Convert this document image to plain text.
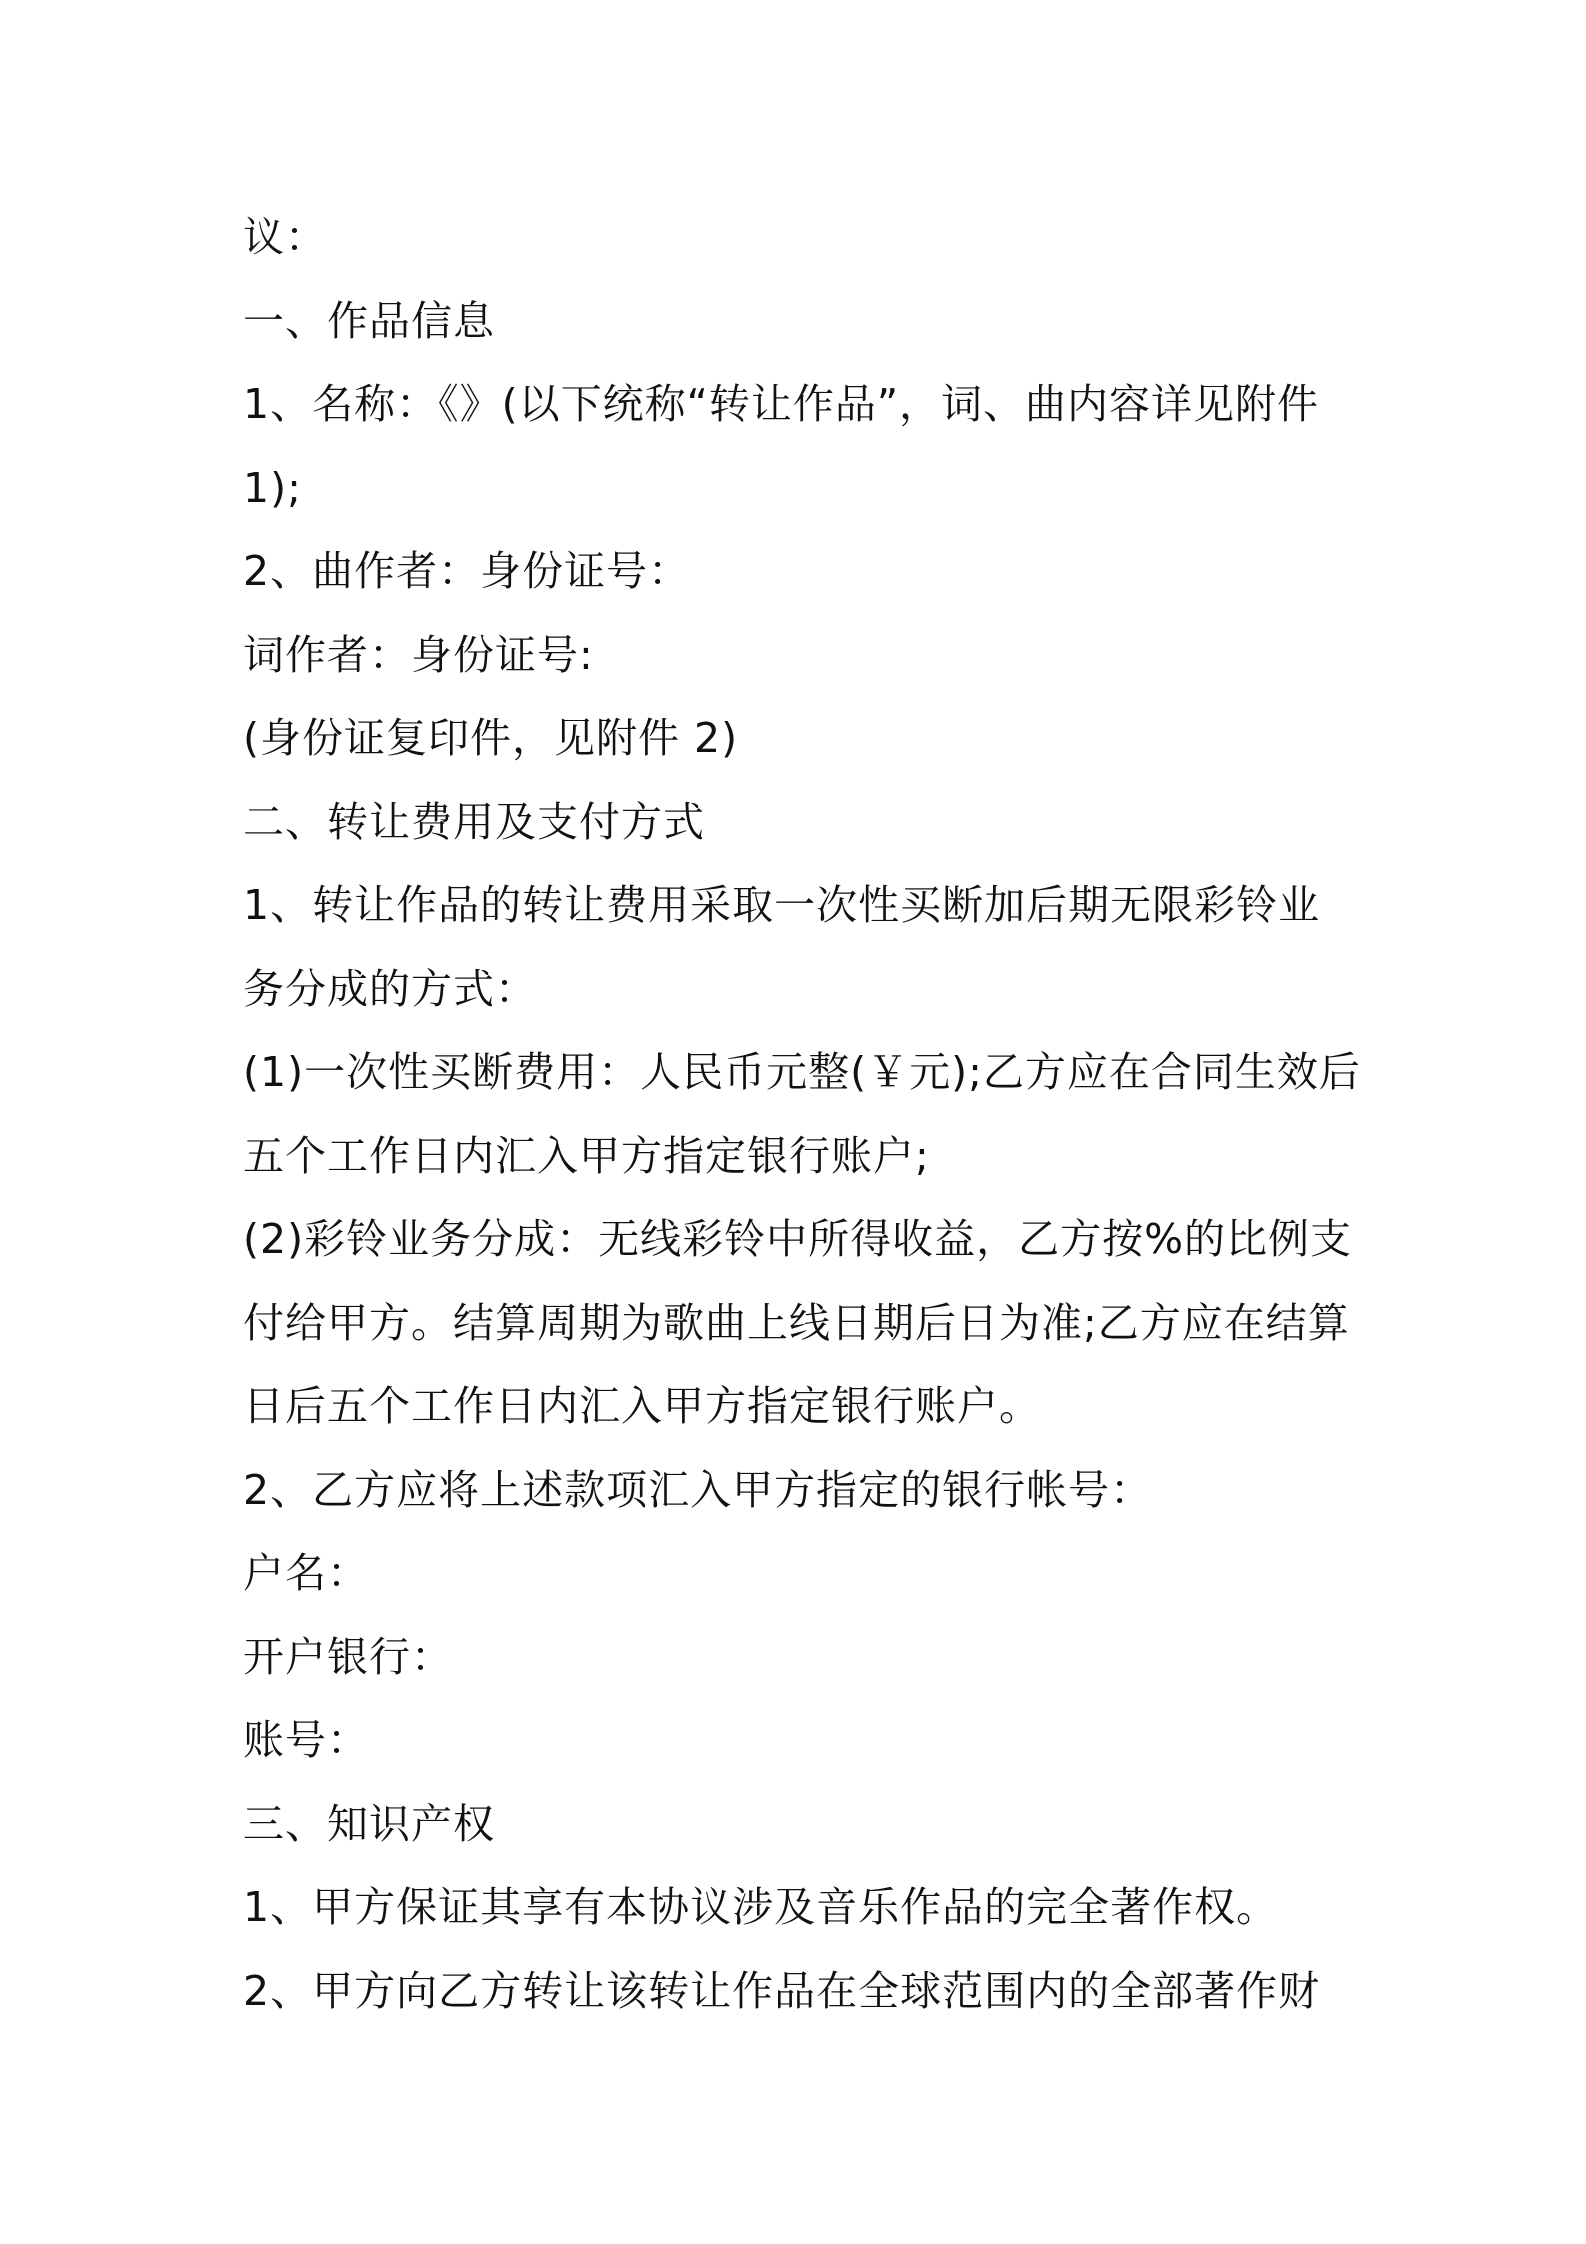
议：
一、作品信息
1、名称：《》(以下统称“转让作品”，词、曲内容详见附件
1);
2、曲作者：身份证号：
词作者：身份证号:
(身份证复印件，见附件 2)
二、转让费用及支付方式
1、转让作品的转让费用采取一次性买断加后期无限彩铃业
务分成的方式：
(1)一次性买断费用：人民币元整(￥元);乙方应在合同生效后
五个工作日内汇入甲方指定银行账户;
(2)彩铃业务分成：无线彩铃中所得收益，乙方按%的比例支
付给甲方。结算周期为歌曲上线日期后日为准;乙方应在结算
日后五个工作日内汇入甲方指定银行账户。
2、乙方应将上述款项汇入甲方指定的银行帐号：
户名：
开户银行：
账号：
三、知识产权
1、甲方保证其享有本协议涉及音乐作品的完全著作权。
2、甲方向乙方转让该转让作品在全球范围内的全部著作财
